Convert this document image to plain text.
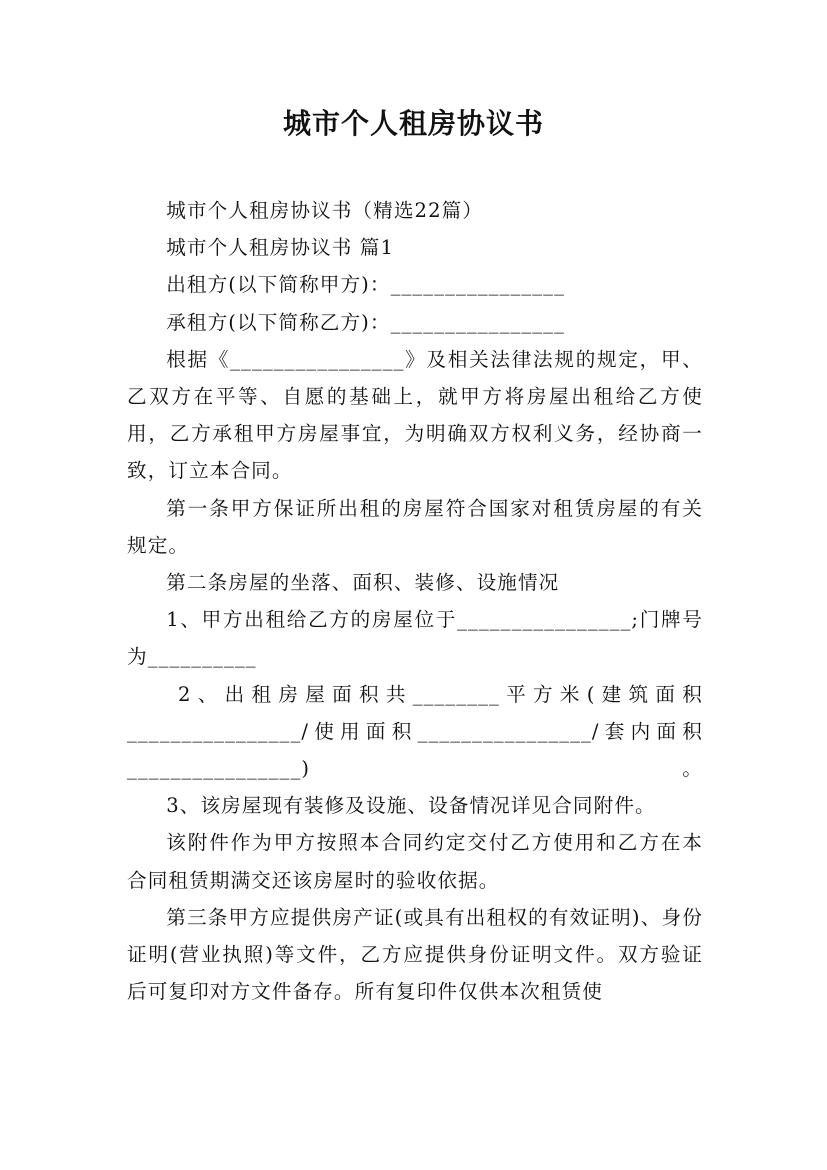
城市个人租房协议书

城市个人租房协议书（精选22篇）

城市个人租房协议书 篇1

出租方(以下简称甲方)：________________

承租方(以下简称乙方)：________________

根据《________________》及相关法律法规的规定，甲、乙双方在平等、自愿的基础上，就甲方将房屋出租给乙方使用，乙方承租甲方房屋事宜，为明确双方权利义务，经协商一致，订立本合同。

第一条甲方保证所出租的房屋符合国家对租赁房屋的有关规定。

第二条房屋的坐落、面积、装修、设施情况

1、甲方出租给乙方的房屋位于________________;门牌号为__________

2、出租房屋面积共________平方米(建筑面积________________/使用面积________________/套内面积________________)。

3、该房屋现有装修及设施、设备情况详见合同附件。

该附件作为甲方按照本合同约定交付乙方使用和乙方在本合同租赁期满交还该房屋时的验收依据。

第三条甲方应提供房产证(或具有出租权的有效证明)、身份证明(营业执照)等文件，乙方应提供身份证明文件。双方验证后可复印对方文件备存。所有复印件仅供本次租赁使
